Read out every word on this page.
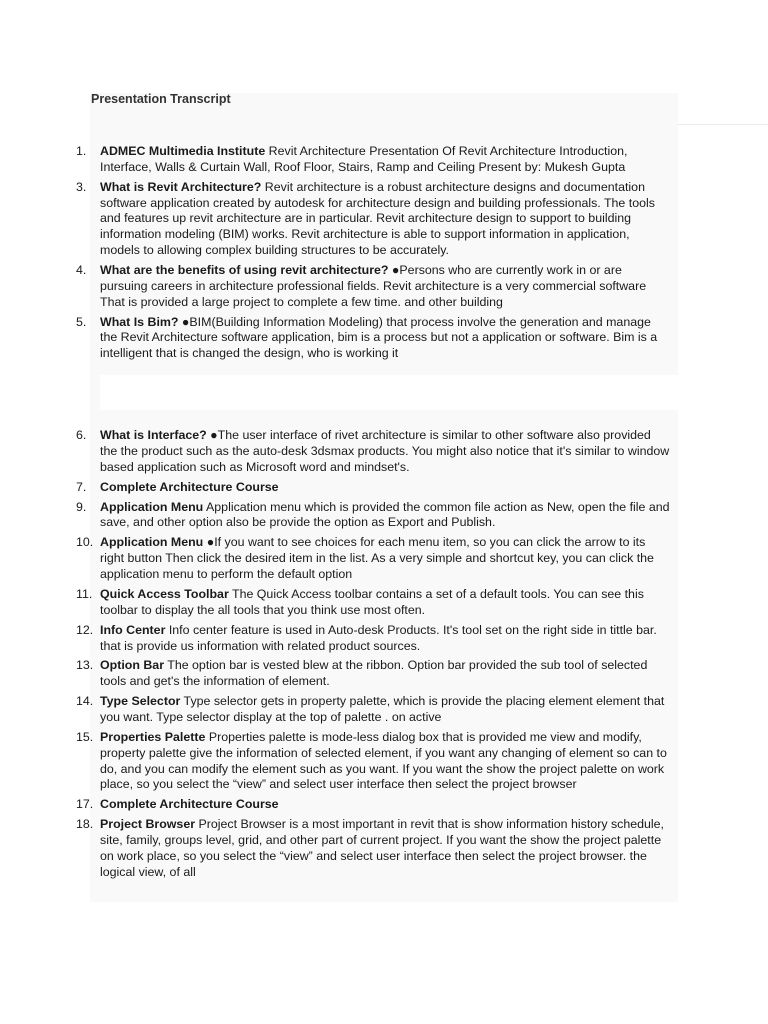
Presentation Transcript
1. ADMEC Multimedia Institute Revit Architecture Presentation Of Revit Architecture Introduction, Interface, Walls & Curtain Wall, Roof Floor, Stairs, Ramp and Ceiling Present by: Mukesh Gupta
3. What is Revit Architecture? Revit architecture is a robust architecture designs and documentation software application created by autodesk for architecture design and building professionals. The tools and features up revit architecture are in particular. Revit architecture design to support to building information modeling (BIM) works. Revit architecture is able to support information in application, models to allowing complex building structures to be accurately.
4. What are the benefits of using revit architecture? ●Persons who are currently work in or are pursuing careers in architecture professional fields. Revit architecture is a very commercial software That is provided a large project to complete a few time. and other building
5. What Is Bim? ●BIM(Building Information Modeling) that process involve the generation and manage the Revit Architecture software application, bim is a process but not a application or software. Bim is a intelligent that is changed the design, who is working it
6. What is Interface? ●The user interface of rivet architecture is similar to other software also provided the the product such as the auto-desk 3dsmax products. You might also notice that it's similar to window based application such as Microsoft word and mindset's.
7. Complete Architecture Course
9. Application Menu Application menu which is provided the common file action as New, open the file and save, and other option also be provide the option as Export and Publish.
10. Application Menu ●If you want to see choices for each menu item, so you can click the arrow to its right button Then click the desired item in the list. As a very simple and shortcut key, you can click the application menu to perform the default option
11. Quick Access Toolbar The Quick Access toolbar contains a set of a default tools. You can see this toolbar to display the all tools that you think use most often.
12. Info Center Info center feature is used in Auto-desk Products. It's tool set on the right side in tittle bar. that is provide us information with related product sources.
13. Option Bar The option bar is vested blew at the ribbon. Option bar provided the sub tool of selected tools and get's the information of element.
14. Type Selector Type selector gets in property palette, which is provide the placing element element that you want. Type selector display at the top of palette . on active
15. Properties Palette Properties palette is mode-less dialog box that is provided me view and modify, property palette give the information of selected element, if you want any changing of element so can to do, and you can modify the element such as you want. If you want the show the project palette on work place, so you select the “view” and select user interface then select the project browser
17. Complete Architecture Course
18. Project Browser Project Browser is a most important in revit that is show information history schedule, site, family, groups level, grid, and other part of current project. If you want the show the project palette on work place, so you select the “view” and select user interface then select the project browser. the logical view, of all
